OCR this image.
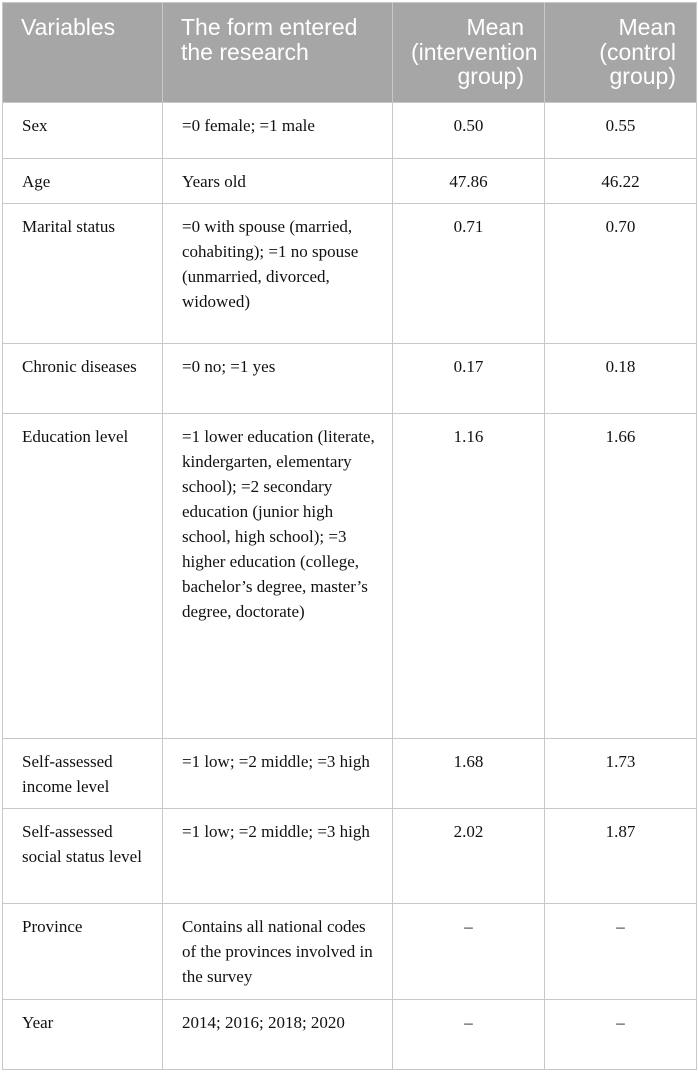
Variables	The form entered the research	Mean (intervention group)	Mean (control group)
Sex	=0 female; =1 male	0.50	0.55
Age	Years old	47.86	46.22
Marital status	=0 with spouse (married, cohabiting); =1 no spouse (unmarried, divorced, widowed)	0.71	0.70
Chronic diseases	=0 no; =1 yes	0.17	0.18
Education level	=1 lower education (literate, kindergarten, elementary school); =2 secondary education (junior high school, high school); =3 higher education (college, bachelor’s degree, master’s degree, doctorate)	1.16	1.66
Self-assessed income level	=1 low; =2 middle; =3 high	1.68	1.73
Self-assessed social status level	=1 low; =2 middle; =3 high	2.02	1.87
Province	Contains all national codes of the provinces involved in the survey	–	–
Year	2014; 2016; 2018; 2020	–	–
